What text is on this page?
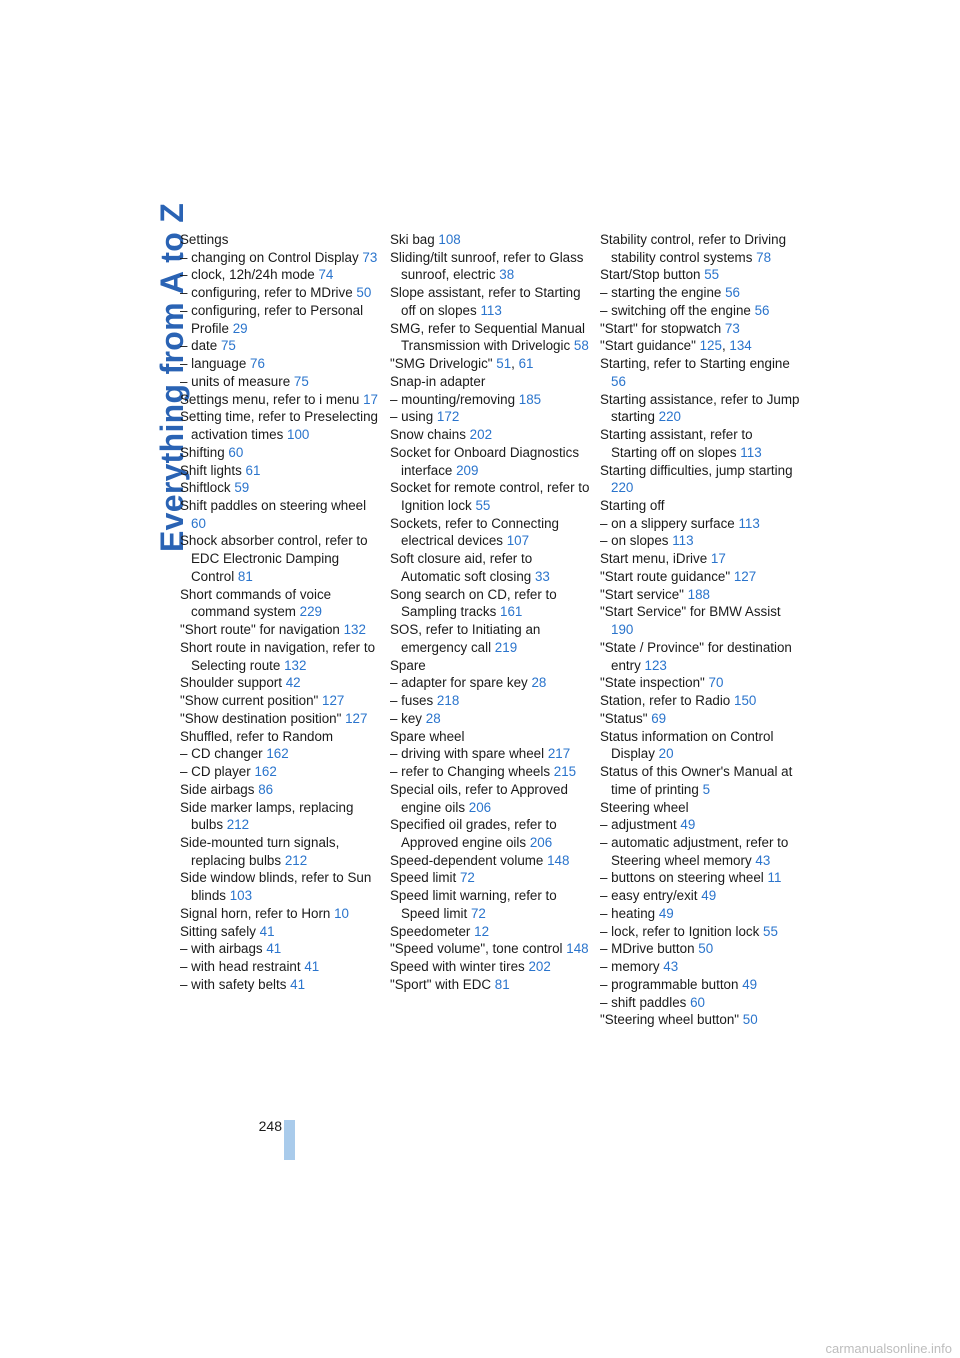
Everything from A to Z
Settings
– changing on Control Display 73
– clock, 12h/24h mode 74
– configuring, refer to MDrive 50
– configuring, refer to Personal Profile 29
– date 75
– language 76
– units of measure 75
Settings menu, refer to i menu 17
Setting time, refer to Preselecting activation times 100
Shifting 60
Shift lights 61
Shiftlock 59
Shift paddles on steering wheel 60
Shock absorber control, refer to EDC Electronic Damping Control 81
Short commands of voice command system 229
"Short route" for navigation 132
Short route in navigation, refer to Selecting route 132
Shoulder support 42
"Show current position" 127
"Show destination position" 127
Shuffled, refer to Random
– CD changer 162
– CD player 162
Side airbags 86
Side marker lamps, replacing bulbs 212
Side-mounted turn signals, replacing bulbs 212
Side window blinds, refer to Sun blinds 103
Signal horn, refer to Horn 10
Sitting safely 41
– with airbags 41
– with head restraint 41
– with safety belts 41
Ski bag 108
Sliding/tilt sunroof, refer to Glass sunroof, electric 38
Slope assistant, refer to Starting off on slopes 113
SMG, refer to Sequential Manual Transmission with Drivelogic 58
"SMG Drivelogic" 51, 61
Snap-in adapter
– mounting/removing 185
– using 172
Snow chains 202
Socket for Onboard Diagnostics interface 209
Socket for remote control, refer to Ignition lock 55
Sockets, refer to Connecting electrical devices 107
Soft closure aid, refer to Automatic soft closing 33
Song search on CD, refer to Sampling tracks 161
SOS, refer to Initiating an emergency call 219
Spare
– adapter for spare key 28
– fuses 218
– key 28
Spare wheel
– driving with spare wheel 217
– refer to Changing wheels 215
Special oils, refer to Approved engine oils 206
Specified oil grades, refer to Approved engine oils 206
Speed-dependent volume 148
Speed limit 72
Speed limit warning, refer to Speed limit 72
Speedometer 12
"Speed volume", tone control 148
Speed with winter tires 202
"Sport" with EDC 81
Stability control, refer to Driving stability control systems 78
Start/Stop button 55
– starting the engine 56
– switching off the engine 56
"Start" for stopwatch 73
"Start guidance" 125, 134
Starting, refer to Starting engine 56
Starting assistance, refer to Jump starting 220
Starting assistant, refer to Starting off on slopes 113
Starting difficulties, jump starting 220
Starting off
– on a slippery surface 113
– on slopes 113
Start menu, iDrive 17
"Start route guidance" 127
"Start service" 188
"Start Service" for BMW Assist 190
"State / Province" for destination entry 123
"State inspection" 70
Station, refer to Radio 150
"Status" 69
Status information on Control Display 20
Status of this Owner's Manual at time of printing 5
Steering wheel
– adjustment 49
– automatic adjustment, refer to Steering wheel memory 43
– buttons on steering wheel 11
– easy entry/exit 49
– heating 49
– lock, refer to Ignition lock 55
– MDrive button 50
– memory 43
– programmable button 49
– shift paddles 60
"Steering wheel button" 50
248
carmanualsonline.info
